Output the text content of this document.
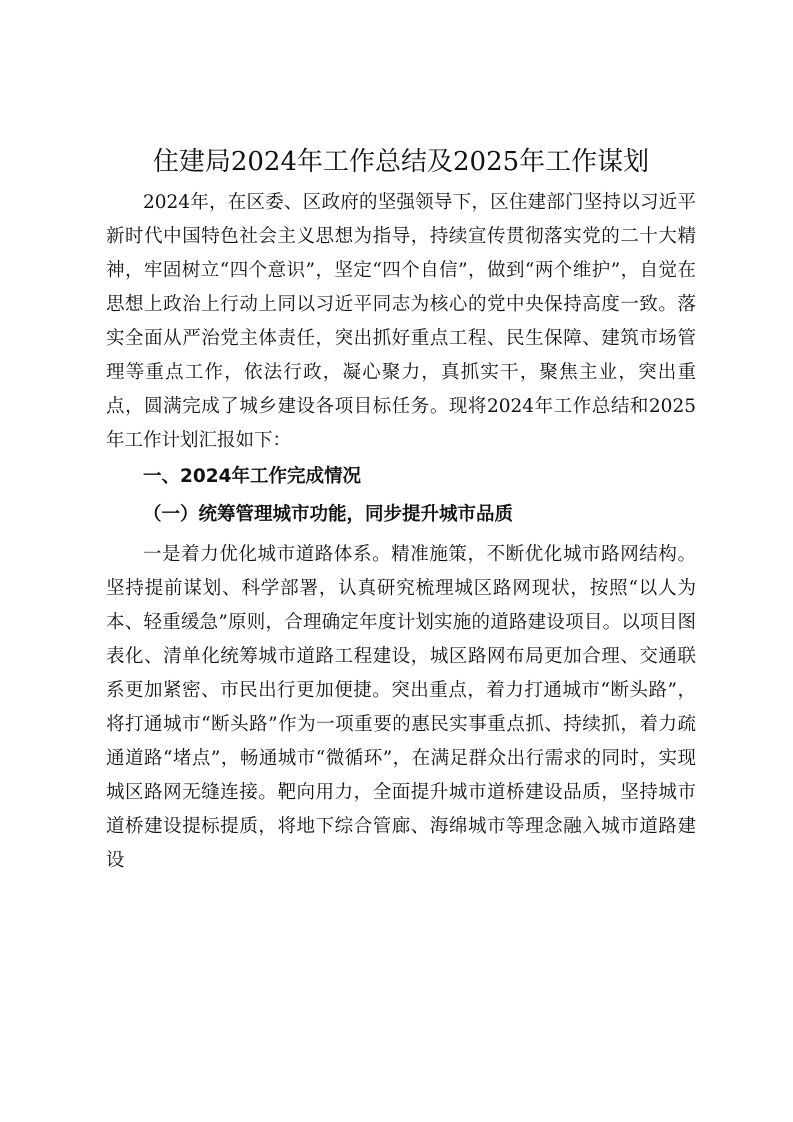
住建局2024年工作总结及2025年工作谋划

2024年，在区委、区政府的坚强领导下，区住建部门坚持以习近平新时代中国特色社会主义思想为指导，持续宣传贯彻落实党的二十大精神，牢固树立“四个意识”，坚定“四个自信”，做到“两个维护”，自觉在思想上政治上行动上同以习近平同志为核心的党中央保持高度一致。落实全面从严治党主体责任，突出抓好重点工程、民生保障、建筑市场管理等重点工作，依法行政，凝心聚力，真抓实干，聚焦主业，突出重点，圆满完成了城乡建设各项目标任务。现将2024年工作总结和2025年工作计划汇报如下：

一、2024年工作完成情况

（一）统筹管理城市功能，同步提升城市品质

一是着力优化城市道路体系。精准施策，不断优化城市路网结构。坚持提前谋划、科学部署，认真研究梳理城区路网现状，按照“以人为本、轻重缓急”原则，合理确定年度计划实施的道路建设项目。以项目图表化、清单化统筹城市道路工程建设，城区路网布局更加合理、交通联系更加紧密、市民出行更加便捷。突出重点，着力打通城市“断头路”，将打通城市“断头路”作为一项重要的惠民实事重点抓、持续抓，着力疏通道路“堵点”，畅通城市“微循环”，在满足群众出行需求的同时，实现城区路网无缝连接。靶向用力，全面提升城市道桥建设品质，坚持城市道桥建设提标提质，将地下综合管廊、海绵城市等理念融入城市道路建设
